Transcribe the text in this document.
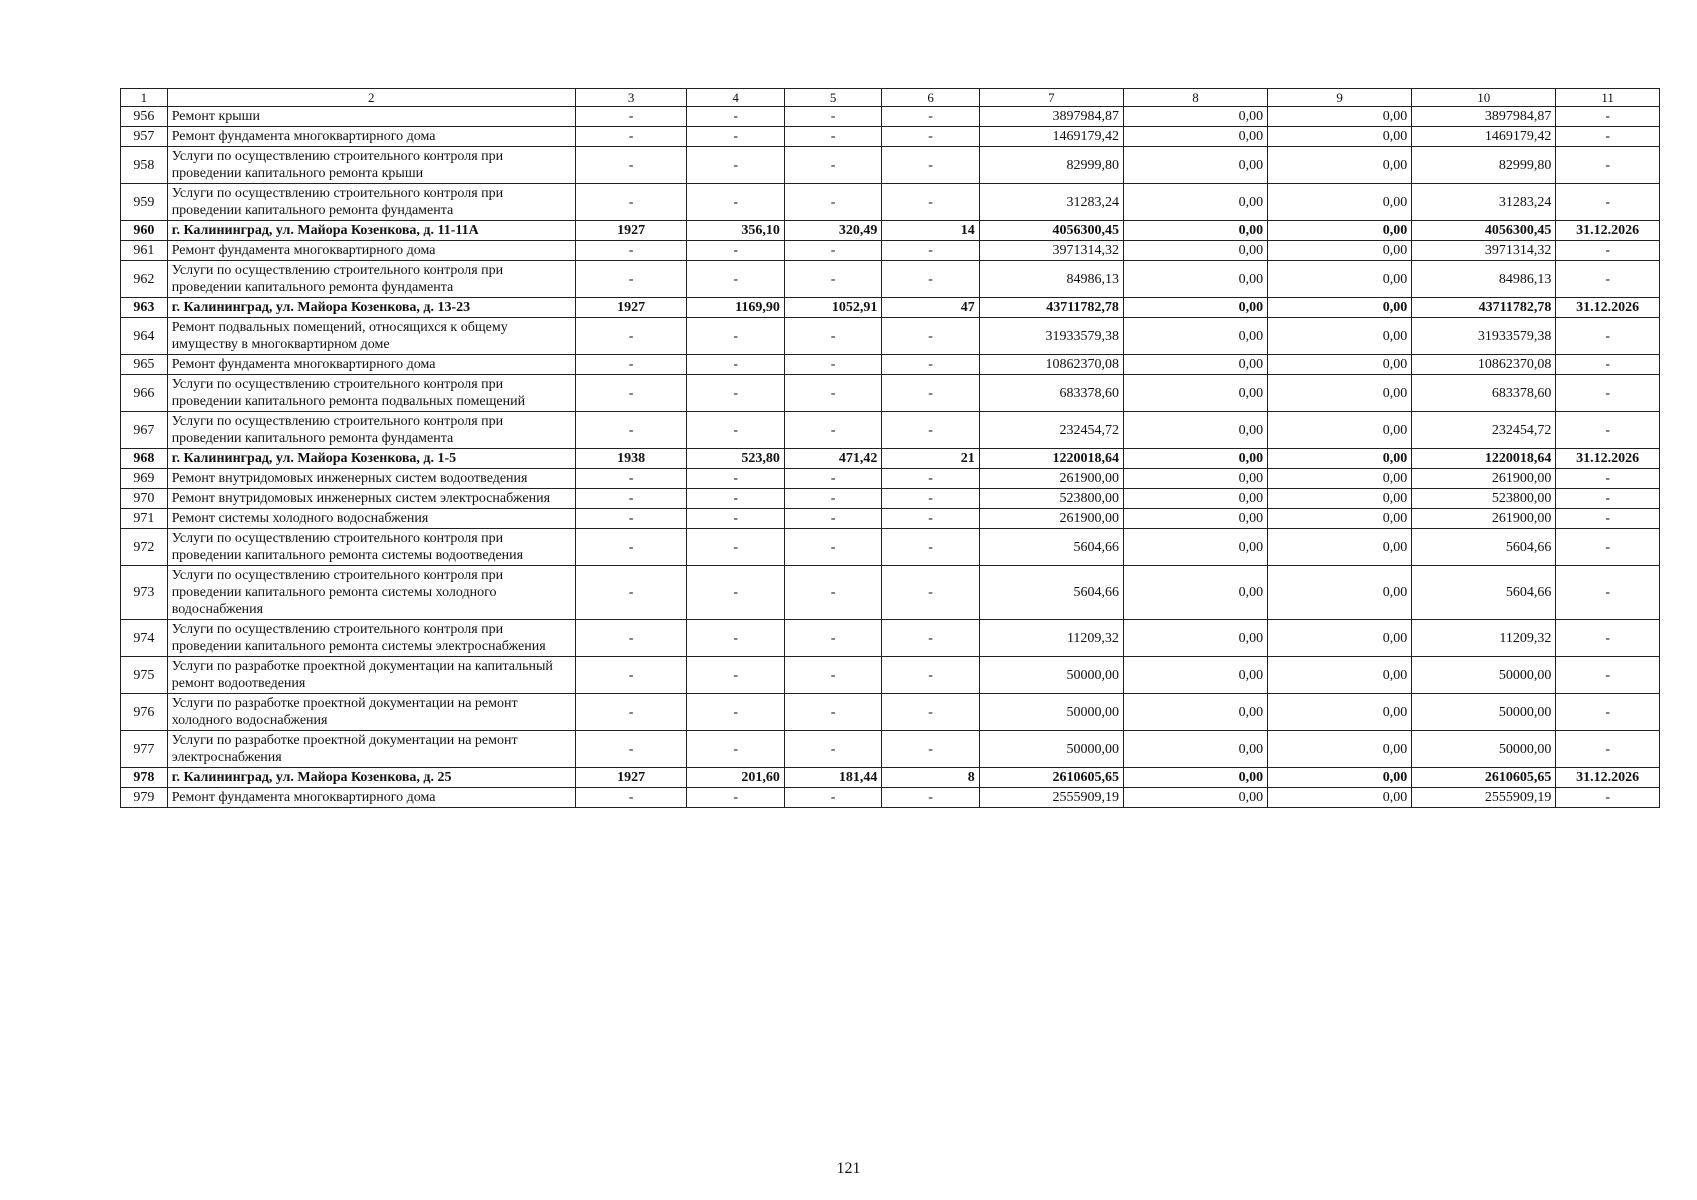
1	2	3	4	5	6	7	8	9	10	11
956	Ремонт крыши	-	-	-	-	3897984,87	0,00	0,00	3897984,87	-
957	Ремонт фундамента многоквартирного дома	-	-	-	-	1469179,42	0,00	0,00	1469179,42	-
958	Услуги по осуществлению строительного контроля при проведении капитального ремонта крыши	-	-	-	-	82999,80	0,00	0,00	82999,80	-
959	Услуги по осуществлению строительного контроля при проведении капитального ремонта фундамента	-	-	-	-	31283,24	0,00	0,00	31283,24	-
960	г. Калининград, ул. Майора Козенкова, д. 11-11А	1927	356,10	320,49	14	4056300,45	0,00	0,00	4056300,45	31.12.2026
961	Ремонт фундамента многоквартирного дома	-	-	-	-	3971314,32	0,00	0,00	3971314,32	-
962	Услуги по осуществлению строительного контроля при проведении капитального ремонта фундамента	-	-	-	-	84986,13	0,00	0,00	84986,13	-
963	г. Калининград, ул. Майора Козенкова, д. 13-23	1927	1169,90	1052,91	47	43711782,78	0,00	0,00	43711782,78	31.12.2026
964	Ремонт подвальных помещений, относящихся к общему имуществу в многоквартирном доме	-	-	-	-	31933579,38	0,00	0,00	31933579,38	-
965	Ремонт фундамента многоквартирного дома	-	-	-	-	10862370,08	0,00	0,00	10862370,08	-
966	Услуги по осуществлению строительного контроля при проведении капитального ремонта подвальных помещений	-	-	-	-	683378,60	0,00	0,00	683378,60	-
967	Услуги по осуществлению строительного контроля при проведении капитального ремонта фундамента	-	-	-	-	232454,72	0,00	0,00	232454,72	-
968	г. Калининград, ул. Майора Козенкова, д. 1-5	1938	523,80	471,42	21	1220018,64	0,00	0,00	1220018,64	31.12.2026
969	Ремонт внутридомовых инженерных систем водоотведения	-	-	-	-	261900,00	0,00	0,00	261900,00	-
970	Ремонт внутридомовых инженерных систем электроснабжения	-	-	-	-	523800,00	0,00	0,00	523800,00	-
971	Ремонт системы холодного водоснабжения	-	-	-	-	261900,00	0,00	0,00	261900,00	-
972	Услуги по осуществлению строительного контроля при проведении капитального ремонта системы водоотведения	-	-	-	-	5604,66	0,00	0,00	5604,66	-
973	Услуги по осуществлению строительного контроля при проведении капитального ремонта системы холодного водоснабжения	-	-	-	-	5604,66	0,00	0,00	5604,66	-
974	Услуги по осуществлению строительного контроля при проведении капитального ремонта системы электроснабжения	-	-	-	-	11209,32	0,00	0,00	11209,32	-
975	Услуги по разработке проектной документации на капитальный ремонт водоотведения	-	-	-	-	50000,00	0,00	0,00	50000,00	-
976	Услуги по разработке проектной документации на ремонт холодного водоснабжения	-	-	-	-	50000,00	0,00	0,00	50000,00	-
977	Услуги по разработке проектной документации на ремонт электроснабжения	-	-	-	-	50000,00	0,00	0,00	50000,00	-
978	г. Калининград, ул. Майора Козенкова, д. 25	1927	201,60	181,44	8	2610605,65	0,00	0,00	2610605,65	31.12.2026
979	Ремонт фундамента многоквартирного дома	-	-	-	-	2555909,19	0,00	0,00	2555909,19	-
121
